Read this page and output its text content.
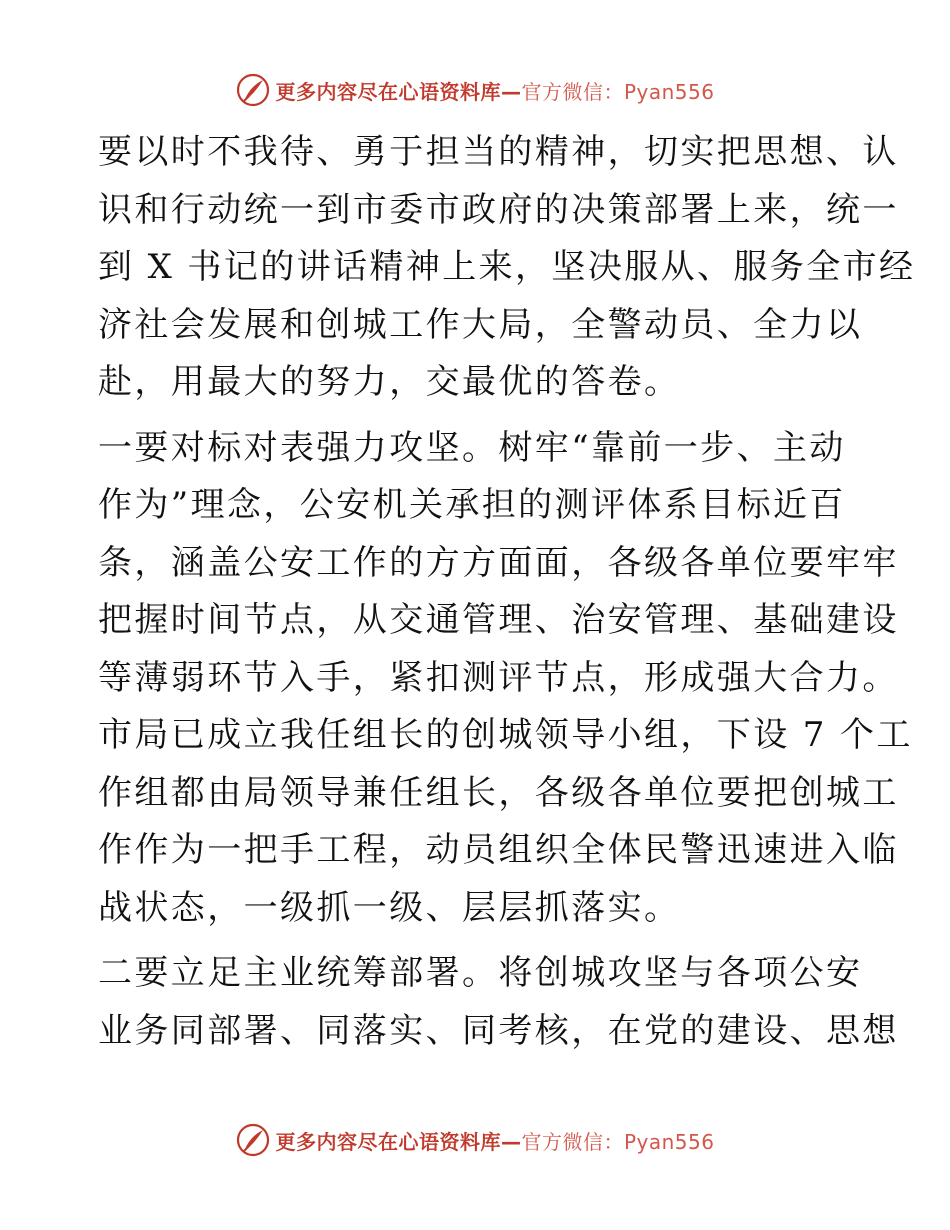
更多内容尽在心语资料库—官方微信：Pyan556

要以时不我待、勇于担当的精神，切实把思想、认
识和行动统一到市委市政府的决策部署上来，统一
到 X 书记的讲话精神上来，坚决服从、服务全市经
济社会发展和创城工作大局，全警动员、全力以
赴，用最大的努力，交最优的答卷。

一要对标对表强力攻坚。树牢“靠前一步、主动
作为”理念，公安机关承担的测评体系目标近百
条，涵盖公安工作的方方面面，各级各单位要牢牢
把握时间节点，从交通管理、治安管理、基础建设
等薄弱环节入手，紧扣测评节点，形成强大合力。
市局已成立我任组长的创城领导小组，下设 7 个工
作组都由局领导兼任组长，各级各单位要把创城工
作作为一把手工程，动员组织全体民警迅速进入临
战状态，一级抓一级、层层抓落实。

二要立足主业统筹部署。将创城攻坚与各项公安
业务同部署、同落实、同考核，在党的建设、思想

更多内容尽在心语资料库—官方微信：Pyan556
